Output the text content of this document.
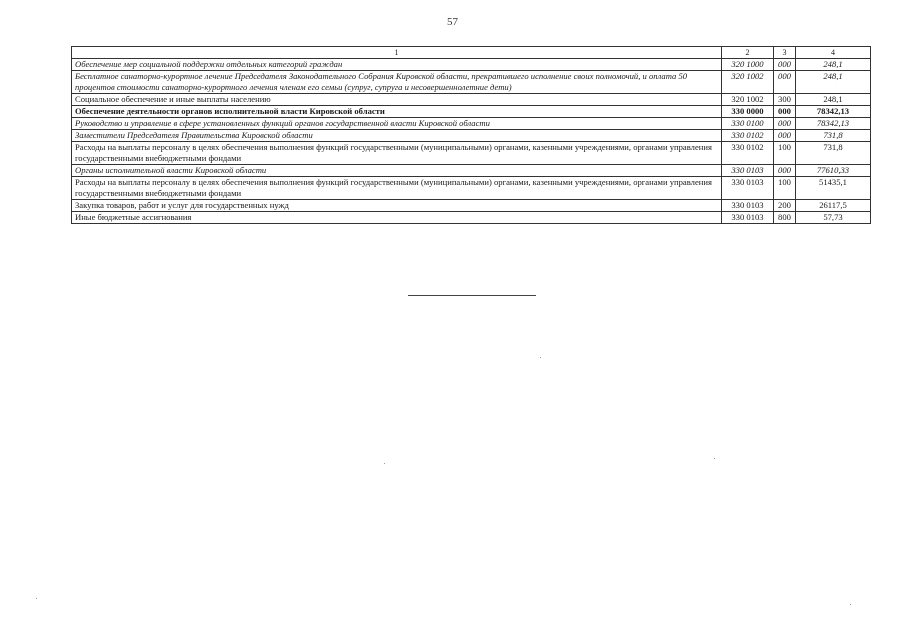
57
1	2	3	4
Обеспечение мер социальной поддержки отдельных категорий граждан	320 1000	000	248,1
Бесплатное санаторно-курортное лечение Председателя Законодательного Собрания Кировской области, прекратившего исполнение своих полномочий, и оплата 50 процентов стоимости санаторно-курортного лечения членам его семьи (супруг, супруга и несовершеннолетние дети)	320 1002	000	248,1
Социальное обеспечение и иные выплаты населению	320 1002	300	248,1
Обеспечение деятельности органов исполнительной власти Кировской области	330 0000	000	78342,13
Руководство и управление в сфере установленных функций органов государственной власти Кировской области	330 0100	000	78342,13
Заместители Председателя Правительства Кировской области	330 0102	000	731,8
Расходы на выплаты персоналу в целях обеспечения выполнения функций государственными (муниципальными) органами, казенными учреждениями, органами управления государственными внебюджетными фондами	330 0102	100	731,8
Органы исполнительной власти Кировской области	330 0103	000	77610,33
Расходы на выплаты персоналу в целях обеспечения выполнения функций государственными (муниципальными) органами, казенными учреждениями, органами управления государственными внебюджетными фондами	330 0103	100	51435,1
Закупка товаров, работ и услуг для государственных нужд	330 0103	200	26117,5
Иные бюджетные ассигнования	330 0103	800	57,73
